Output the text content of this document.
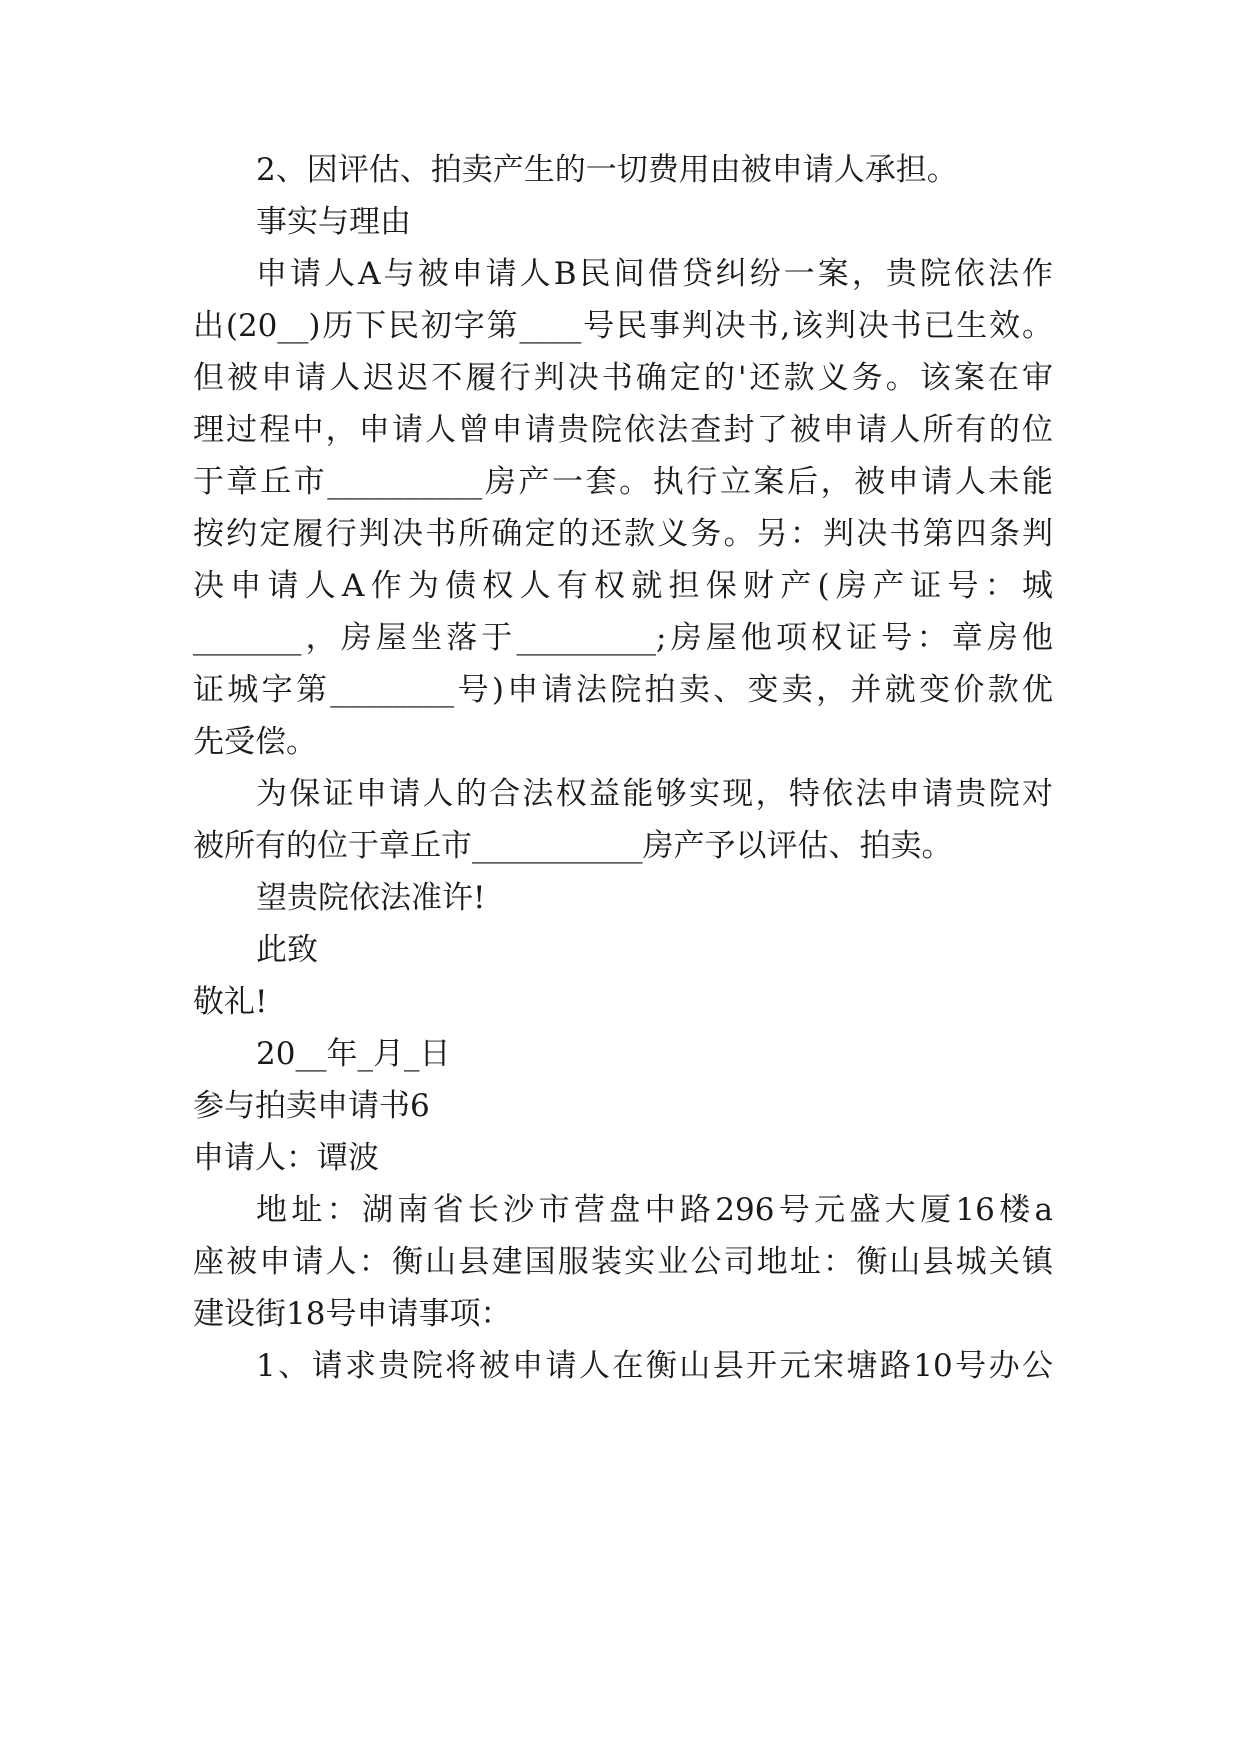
2、因评估、拍卖产生的一切费用由被申请人承担。
事实与理由
申请人A与被申请人B民间借贷纠纷一案，贵院依法作
出(20__)历下民初字第____号民事判决书,该判决书已生效。
但被申请人迟迟不履行判决书确定的'还款义务。该案在审
理过程中，申请人曾申请贵院依法查封了被申请人所有的位
于章丘市__________房产一套。执行立案后，被申请人未能
按约定履行判决书所确定的还款义务。另：判决书第四条判
决申请人A作为债权人有权就担保财产(房产证号：城
_______，房屋坐落于_________;房屋他项权证号：章房他
证城字第________号)申请法院拍卖、变卖，并就变价款优
先受偿。
为保证申请人的合法权益能够实现，特依法申请贵院对
被所有的位于章丘市___________房产予以评估、拍卖。
望贵院依法准许!
此致
敬礼!
20__年_月_日
参与拍卖申请书6
申请人：谭波
地址：湖南省长沙市营盘中路296号元盛大厦16楼a
座被申请人：衡山县建国服装实业公司地址：衡山县城关镇
建设街18号申请事项：
1、请求贵院将被申请人在衡山县开元宋塘路10号办公
